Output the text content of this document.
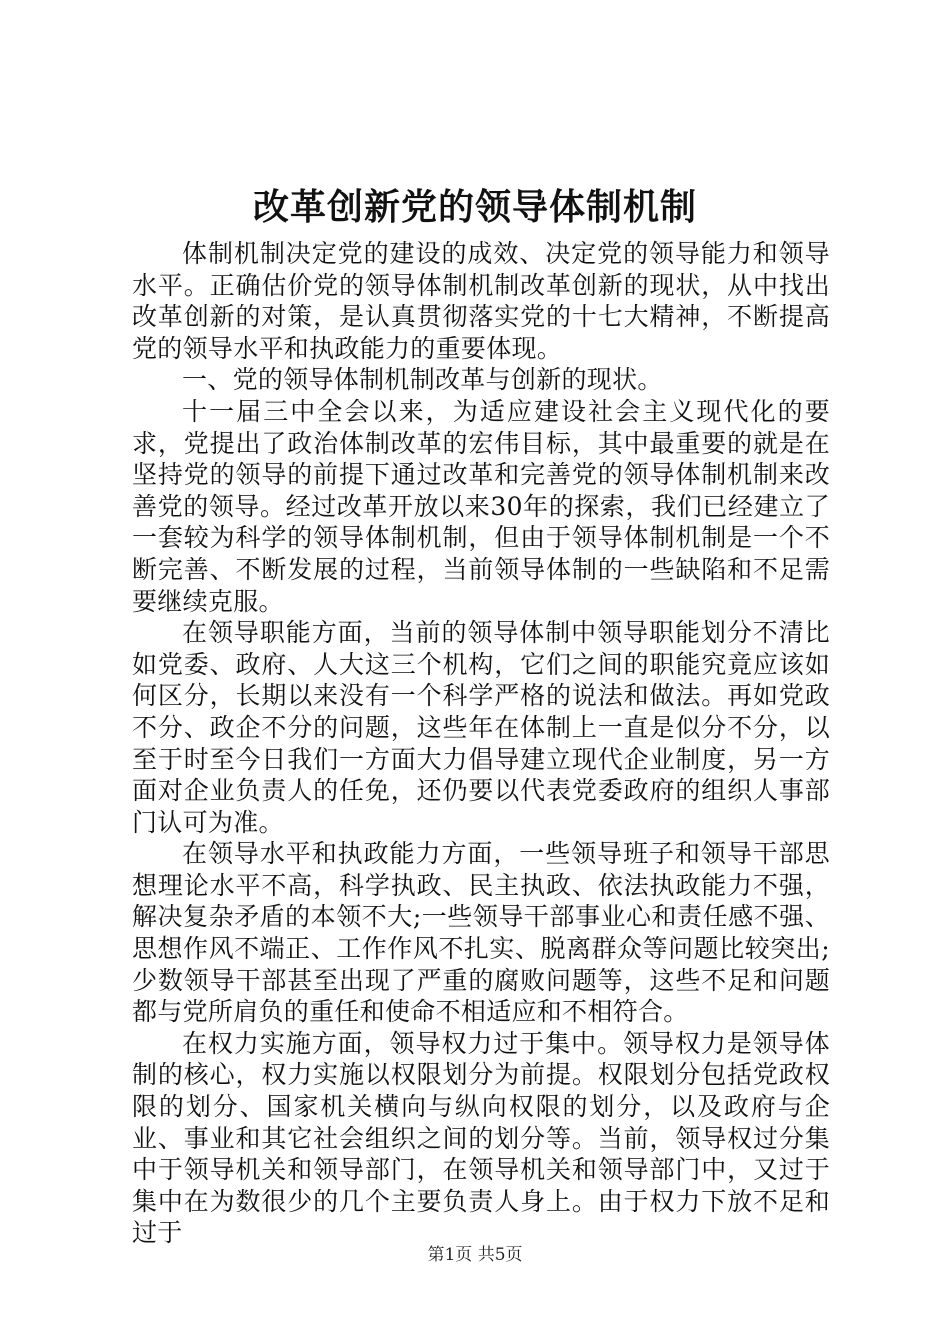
改革创新党的领导体制机制

体制机制决定党的建设的成效、决定党的领导能力和领导水平。正确估价党的领导体制机制改革创新的现状，从中找出改革创新的对策，是认真贯彻落实党的十七大精神，不断提高党的领导水平和执政能力的重要体现。

一、党的领导体制机制改革与创新的现状。

十一届三中全会以来，为适应建设社会主义现代化的要求，党提出了政治体制改革的宏伟目标，其中最重要的就是在坚持党的领导的前提下通过改革和完善党的领导体制机制来改善党的领导。经过改革开放以来30年的探索，我们已经建立了一套较为科学的领导体制机制，但由于领导体制机制是一个不断完善、不断发展的过程，当前领导体制的一些缺陷和不足需要继续克服。

在领导职能方面，当前的领导体制中领导职能划分不清比如党委、政府、人大这三个机构，它们之间的职能究竟应该如何区分，长期以来没有一个科学严格的说法和做法。再如党政不分、政企不分的问题，这些年在体制上一直是似分不分，以至于时至今日我们一方面大力倡导建立现代企业制度，另一方面对企业负责人的任免，还仍要以代表党委政府的组织人事部门认可为准。

在领导水平和执政能力方面，一些领导班子和领导干部思想理论水平不高，科学执政、民主执政、依法执政能力不强，解决复杂矛盾的本领不大;一些领导干部事业心和责任感不强、思想作风不端正、工作作风不扎实、脱离群众等问题比较突出;少数领导干部甚至出现了严重的腐败问题等，这些不足和问题都与党所肩负的重任和使命不相适应和不相符合。

在权力实施方面，领导权力过于集中。领导权力是领导体制的核心，权力实施以权限划分为前提。权限划分包括党政权限的划分、国家机关横向与纵向权限的划分，以及政府与企业、事业和其它社会组织之间的划分等。当前，领导权过分集中于领导机关和领导部门，在领导机关和领导部门中，又过于集中在为数很少的几个主要负责人身上。由于权力下放不足和过于

第1页 共5页
